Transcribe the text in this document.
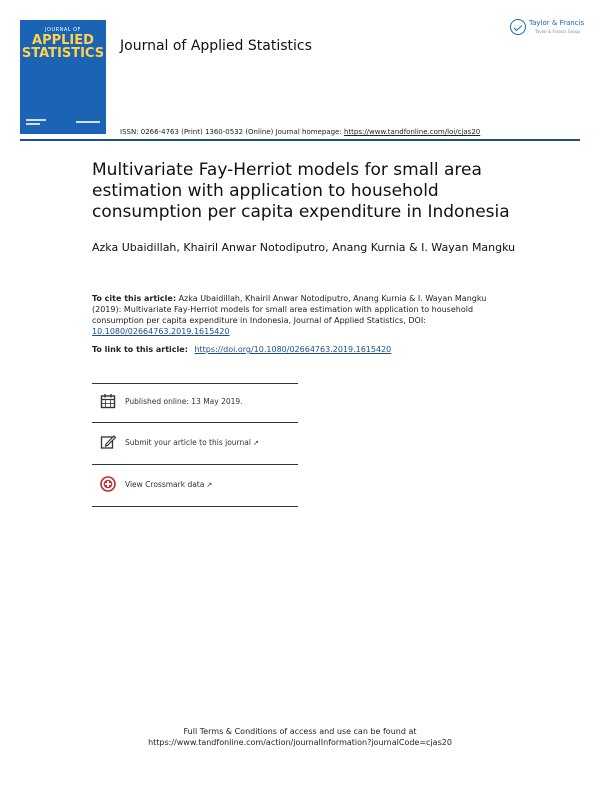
JOURNAL OF
APPLIED
STATISTICS Journal of Applied Statistics
Taylor & Francis
Taylor & Francis Group
ISSN: 0266-4763 (Print) 1360-0532 (Online) Journal homepage: https://www.tandfonline.com/loi/cjas20
Multivariate Fay-Herriot models for small area estimation with application to household consumption per capita expenditure in Indonesia
Azka Ubaidillah, Khairil Anwar Notodiputro, Anang Kurnia & I. Wayan Mangku
To cite this article: Azka Ubaidillah, Khairil Anwar Notodiputro, Anang Kurnia & I. Wayan Mangku (2019): Multivariate Fay-Herriot models for small area estimation with application to household consumption per capita expenditure in Indonesia, Journal of Applied Statistics, DOI: 10.1080/02664763.2019.1615420
To link to this article: https://doi.org/10.1080/02664763.2019.1615420
Published online: 13 May 2019.
Submit your article to this journal ↗
View Crossmark data ↗
Full Terms & Conditions of access and use can be found at
https://www.tandfonline.com/action/journalInformation?journalCode=cjas20
